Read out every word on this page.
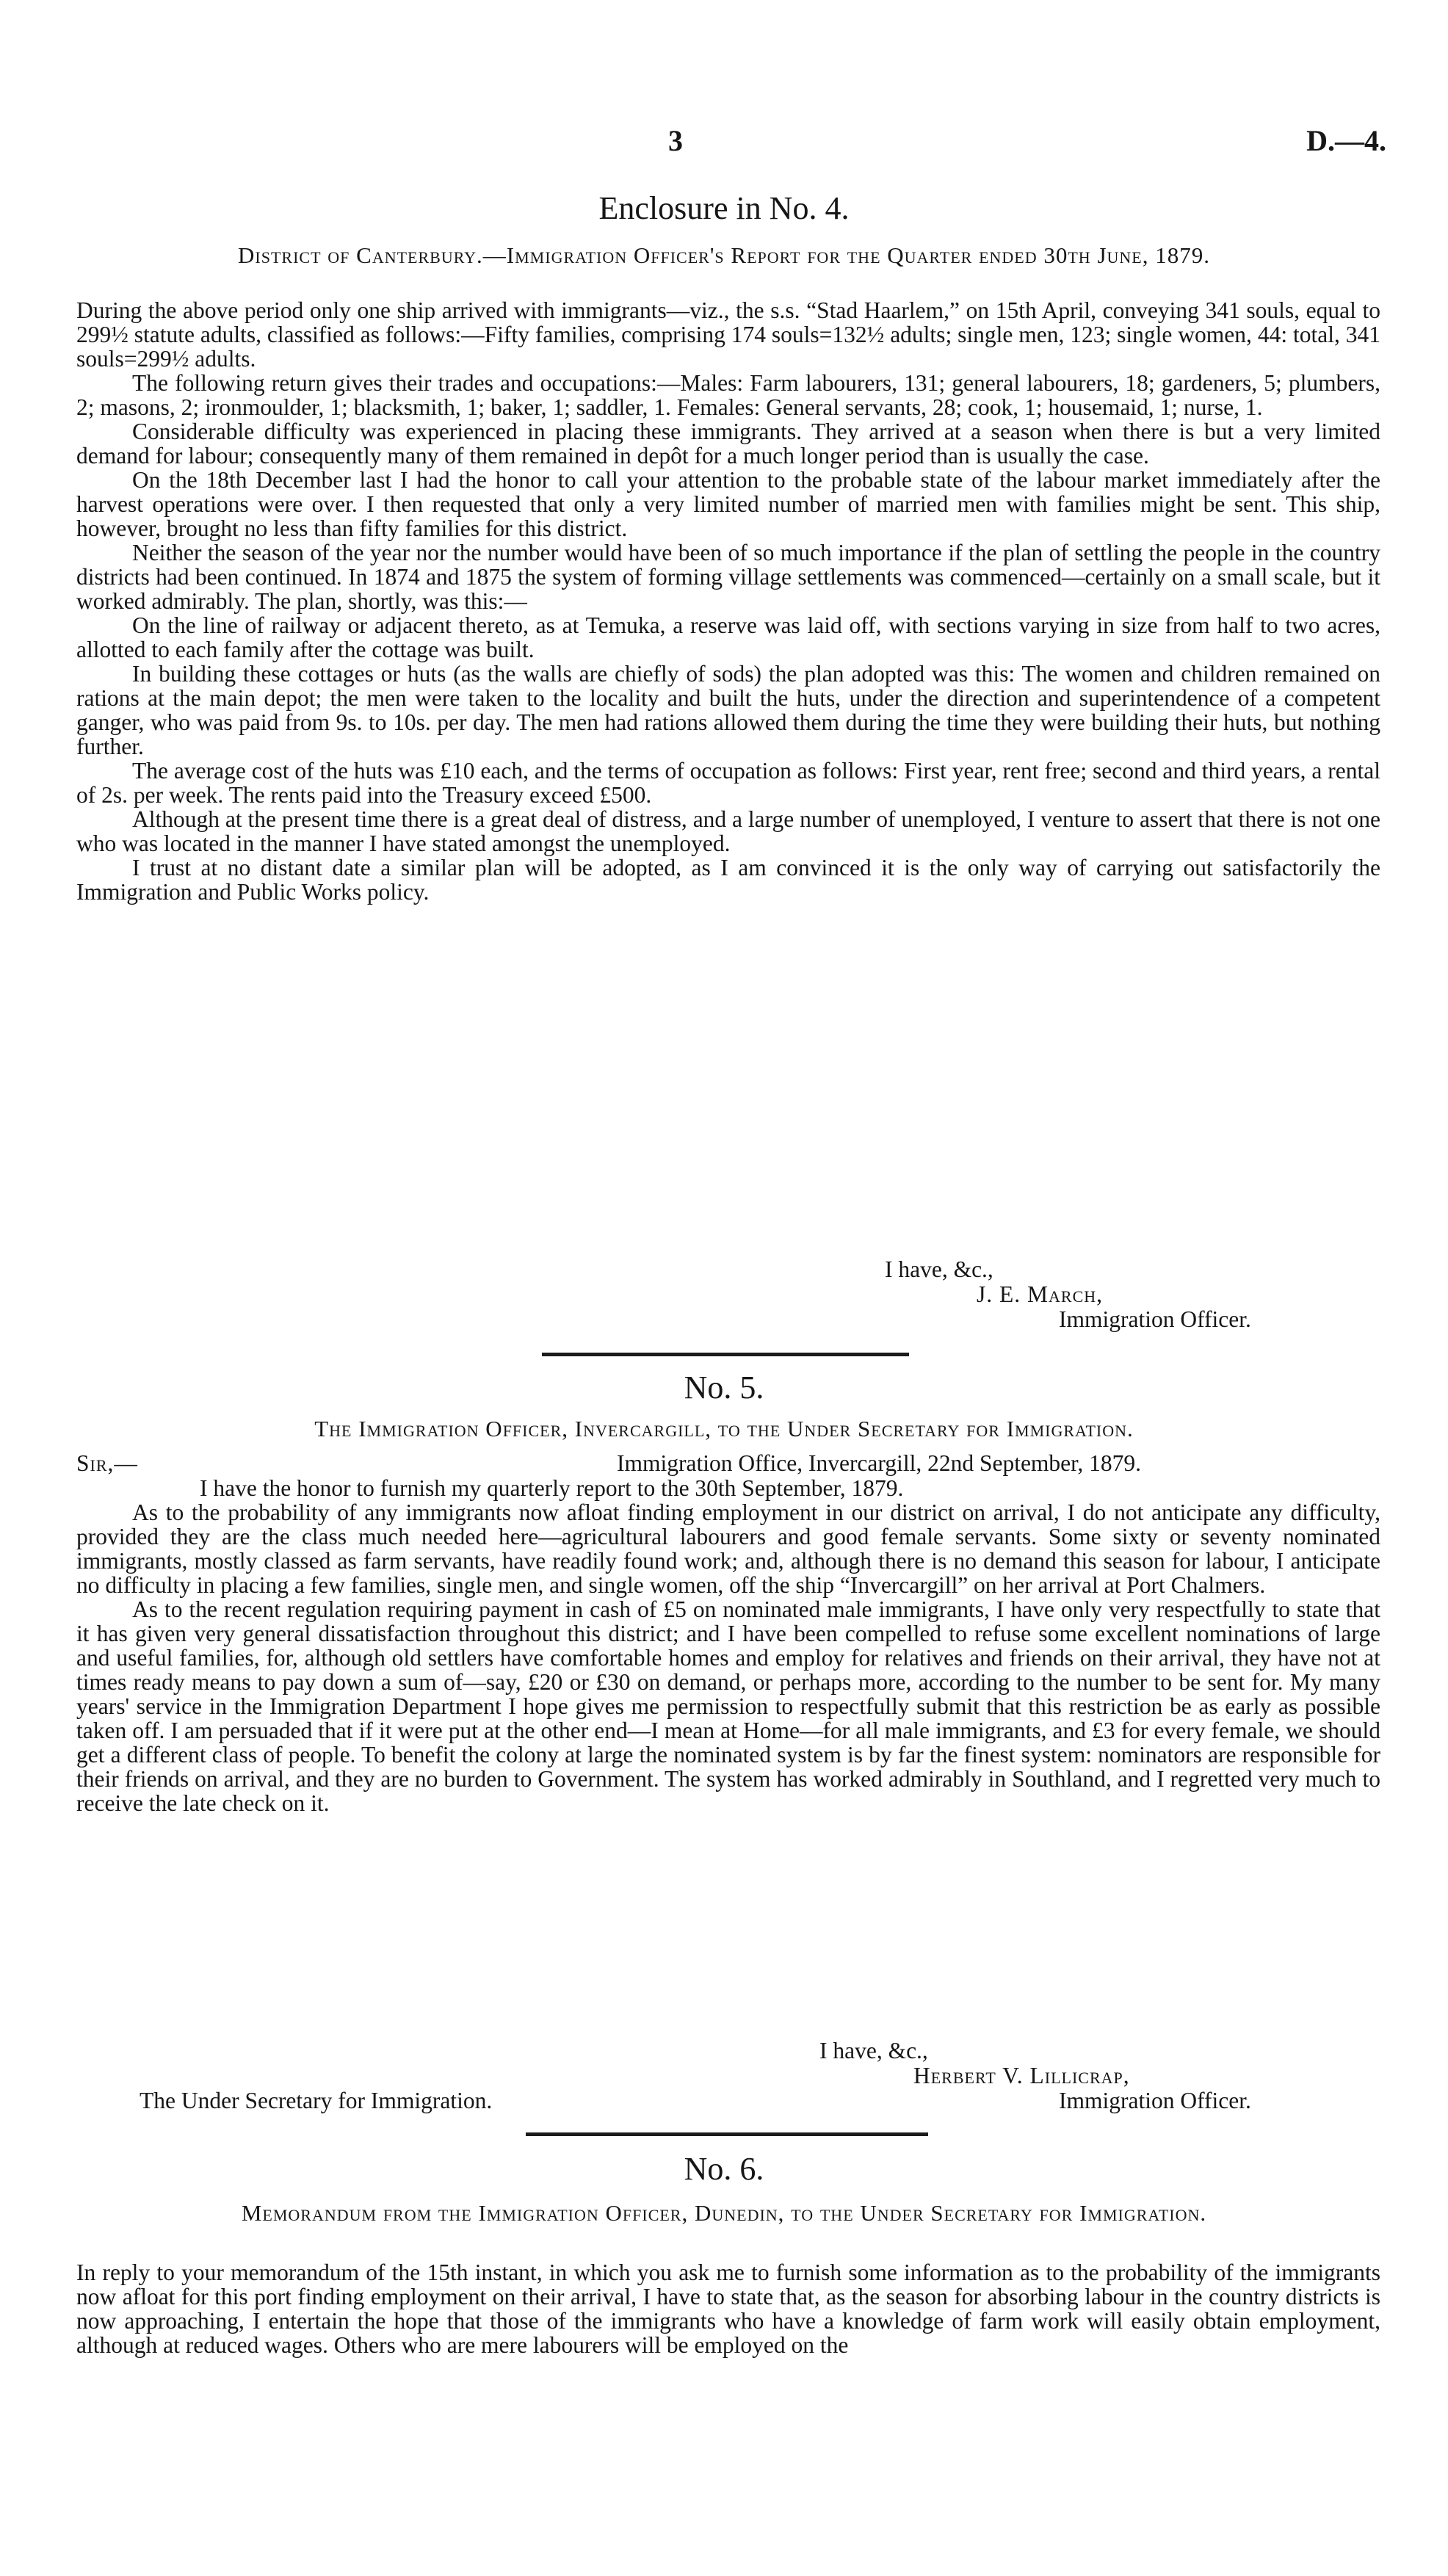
3	D.—4.
Enclosure in No. 4.
District of Canterbury.—Immigration Officer's Report for the Quarter ended 30th June, 1879.

During the above period only one ship arrived with immigrants—viz., the s.s. “Stad Haarlem,” on 15th April, conveying 341 souls, equal to 299½ statute adults, classified as follows:—Fifty families, comprising 174 souls=132½ adults; single men, 123; single women, 44: total, 341 souls=299½ adults.

The following return gives their trades and occupations:—Males: Farm labourers, 131; general labourers, 18; gardeners, 5; plumbers, 2; masons, 2; ironmoulder, 1; blacksmith, 1; baker, 1; saddler, 1. Females: General servants, 28; cook, 1; housemaid, 1; nurse, 1.

Considerable difficulty was experienced in placing these immigrants. They arrived at a season when there is but a very limited demand for labour; consequently many of them remained in depôt for a much longer period than is usually the case.

On the 18th December last I had the honor to call your attention to the probable state of the labour market immediately after the harvest operations were over. I then requested that only a very limited number of married men with families might be sent. This ship, however, brought no less than fifty families for this district.

Neither the season of the year nor the number would have been of so much importance if the plan of settling the people in the country districts had been continued. In 1874 and 1875 the system of forming village settlements was commenced—certainly on a small scale, but it worked admirably. The plan, shortly, was this:—

On the line of railway or adjacent thereto, as at Temuka, a reserve was laid off, with sections varying in size from half to two acres, allotted to each family after the cottage was built.

In building these cottages or huts (as the walls are chiefly of sods) the plan adopted was this: The women and children remained on rations at the main depot; the men were taken to the locality and built the huts, under the direction and superintendence of a competent ganger, who was paid from 9s. to 10s. per day. The men had rations allowed them during the time they were building their huts, but nothing further.

The average cost of the huts was £10 each, and the terms of occupation as follows: First year, rent free; second and third years, a rental of 2s. per week. The rents paid into the Treasury exceed £500.

Although at the present time there is a great deal of distress, and a large number of unemployed, I venture to assert that there is not one who was located in the manner I have stated amongst the unemployed.

I trust at no distant date a similar plan will be adopted, as I am convinced it is the only way of carrying out satisfactorily the Immigration and Public Works policy.

I have, &c.,
J. E. March,
Immigration Officer.
No. 5.
The Immigration Officer, Invercargill, to the Under Secretary for Immigration.
Sir,—	Immigration Office, Invercargill, 22nd September, 1879.

I have the honor to furnish my quarterly report to the 30th September, 1879.

As to the probability of any immigrants now afloat finding employment in our district on arrival, I do not anticipate any difficulty, provided they are the class much needed here—agricultural labourers and good female servants. Some sixty or seventy nominated immigrants, mostly classed as farm servants, have readily found work; and, although there is no demand this season for labour, I anticipate no difficulty in placing a few families, single men, and single women, off the ship “Invercargill” on her arrival at Port Chalmers.

As to the recent regulation requiring payment in cash of £5 on nominated male immigrants, I have only very respectfully to state that it has given very general dissatisfaction throughout this district; and I have been compelled to refuse some excellent nominations of large and useful families, for, although old settlers have comfortable homes and employ for relatives and friends on their arrival, they have not at times ready means to pay down a sum of—say, £20 or £30 on demand, or perhaps more, according to the number to be sent for. My many years' service in the Immigration Department I hope gives me permission to respectfully submit that this restriction be as early as possible taken off. I am persuaded that if it were put at the other end—I mean at Home—for all male immigrants, and £3 for every female, we should get a different class of people. To benefit the colony at large the nominated system is by far the finest system: nominators are responsible for their friends on arrival, and they are no burden to Government. The system has worked admirably in Southland, and I regretted very much to receive the late check on it.

I have, &c.,
Herbert V. Lillicrap,
The Under Secretary for Immigration.	Immigration Officer.
No. 6.
Memorandum from the Immigration Officer, Dunedin, to the Under Secretary for Immigration.

In reply to your memorandum of the 15th instant, in which you ask me to furnish some information as to the probability of the immigrants now afloat for this port finding employment on their arrival, I have to state that, as the season for absorbing labour in the country districts is now approaching, I entertain the hope that those of the immigrants who have a knowledge of farm work will easily obtain employment, although at reduced wages. Others who are mere labourers will be employed on the
